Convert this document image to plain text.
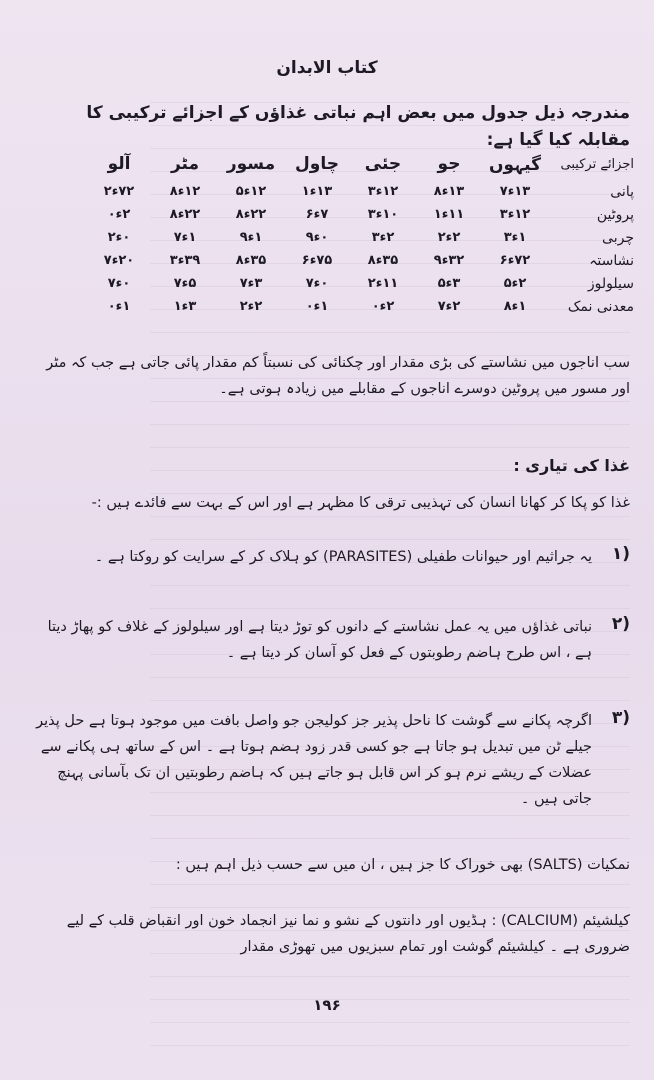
کتاب الابدان
مندرجہ ذیل جدول میں بعض اہم نباتی غذاؤں کے اجزائے ترکیبی کا مقابلہ کیا گیا ہے:
اجزائے ترکیبی
گیہوں
جو
جئی
چاول
مسور
مٹر
آلو
پانی
۱۳ء۷
۱۳ء۸
۱۲ء۳
۱۳ء۱
۱۲ء۵
۱۲ء۸
۷۲ء۲
پروٹین
۱۲ء۳
۱۱ء۱
۱۰ء۳
۷ء۶
۲۲ء۸
۲۲ء۸
۲ء۰
چربی
۱ء۳
۲ء۲
۲ء۳
۰ء۹
۱ء۹
۱ء۷
۰ء۲
نشاستہ
۷۲ء۶
۳۲ء۹
۳۵ء۸
۷۵ء۶
۳۵ء۸
۳۹ء۳
۲۰ء۷
سیلولوز
۲ء۵
۳ء۵
۱۱ء۲
۰ء۷
۳ء۷
۵ء۷
۰ء۷
معدنی نمک
۱ء۸
۲ء۷
۲ء۰
۱ء۰
۲ء۲
۳ء۱
۱ء۰
سب اناجوں میں نشاستے کی بڑی مقدار اور چکنائی کی نسبتاً کم مقدار پائی جاتی ہے جب کہ مٹر اور مسور میں پروٹین دوسرے اناجوں کے مقابلے میں زیادہ ہوتی ہے۔
غذا کی تیاری :
غذا کو پکا کر کھانا انسان کی تہذیبی ترقی کا مظہر ہے اور اس کے بہت سے فائدے ہیں :-
۱)
یہ جراثیم اور حیوانات طفیلی (PARASITES) کو ہلاک کر کے سرایت کو روکتا ہے ۔
۲)
نباتی غذاؤں میں یہ عمل نشاستے کے دانوں کو توڑ دیتا ہے اور سیلولوز کے غلاف کو پھاڑ دیتا ہے ، اس طرح ہاضم رطوبتوں کے فعل کو آسان کر دیتا ہے ۔
۳)
اگرچہ پکانے سے گوشت کا ناحل پذیر جز کولیجن جو واصل بافت میں موجود ہوتا ہے حل پذیر جیلے ٹن میں تبدیل ہو جاتا ہے جو کسی قدر زود ہضم ہوتا ہے ۔ اس کے ساتھ ہی پکانے سے عضلات کے ریشے نرم ہو کر اس قابل ہو جاتے ہیں کہ ہاضم رطوبتیں ان تک بآسانی پہنچ جاتی ہیں ۔
نمکیات (SALTS) بھی خوراک کا جز ہیں ، ان میں سے حسب ذیل اہم ہیں :
کیلشیئم (CALCIUM) : ہڈیوں اور دانتوں کے نشو و نما نیز انجماد خون اور انقباض قلب کے لیے ضروری ہے ۔ کیلشیئم گوشت اور تمام سبزیوں میں تھوڑی مقدار
۱۹۶
